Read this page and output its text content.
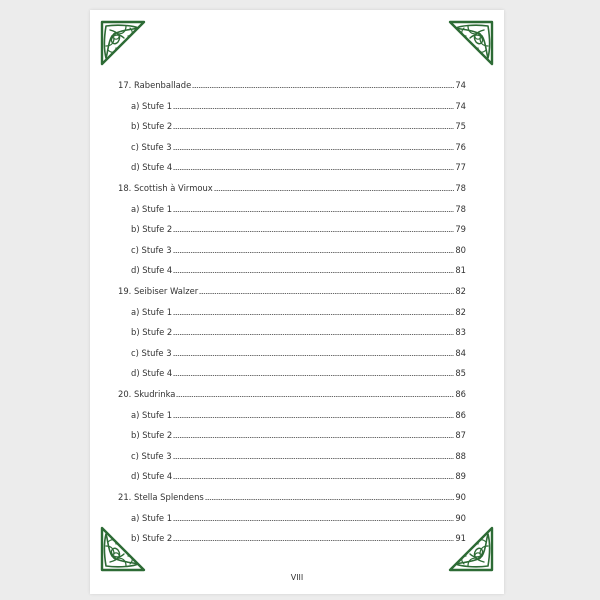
17. Rabenballade	74
a) Stufe 1	74
b) Stufe 2	75
c) Stufe 3	76
d) Stufe 4	77
18. Scottish à Virmoux	78
a) Stufe 1	78
b) Stufe 2	79
c) Stufe 3	80
d) Stufe 4	81
19. Seibiser Walzer	82
a) Stufe 1	82
b) Stufe 2	83
c) Stufe 3	84
d) Stufe 4	85
20. Skudrinka	86
a) Stufe 1	86
b) Stufe 2	87
c) Stufe 3	88
d) Stufe 4	89
21. Stella Splendens	90
a) Stufe 1	90
b) Stufe 2	91
VIII
